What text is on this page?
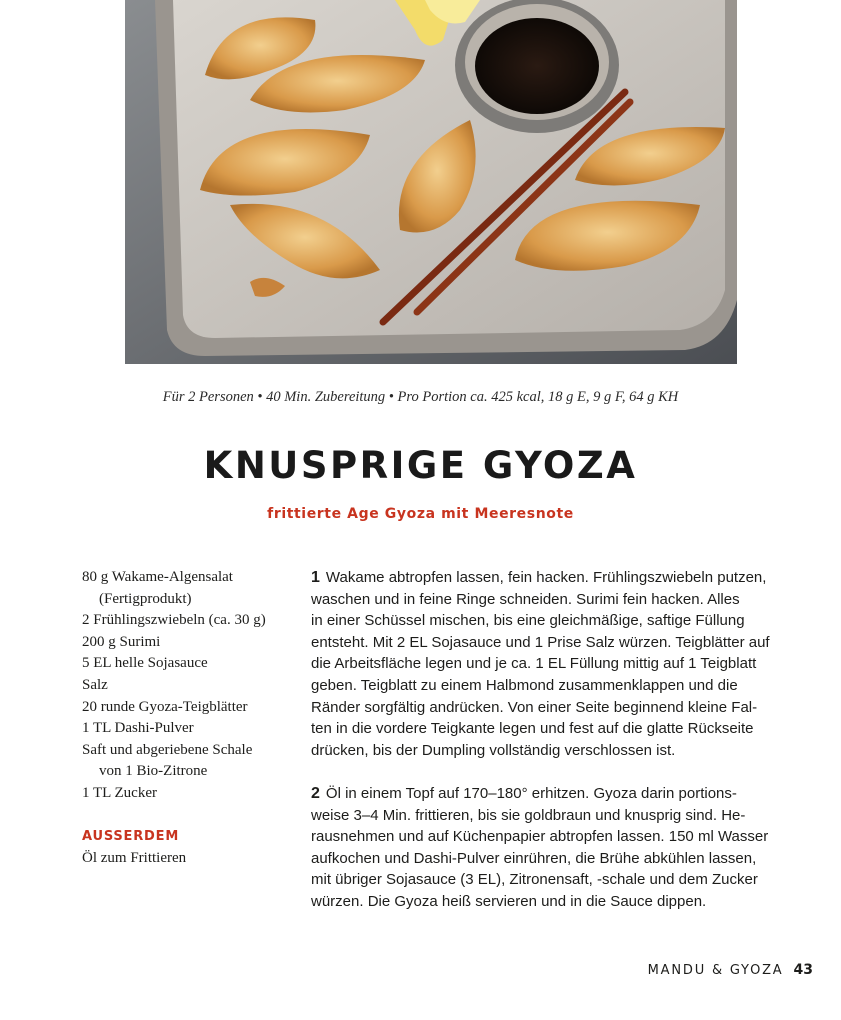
Für 2 Personen • 40 Min. Zubereitung • Pro Portion ca. 425 kcal, 18 g E, 9 g F, 64 g KH
KNUSPRIGE GYOZA
frittierte Age Gyoza mit Meeresnote
80 g Wakame-Algensalat
(Fertigprodukt)
2 Frühlingszwiebeln (ca. 30 g)
200 g Surimi
5 EL helle Sojasauce
Salz
20 runde Gyoza-Teigblätter
1 TL Dashi-Pulver
Saft und abgeriebene Schale
von 1 Bio-Zitrone
1 TL Zucker
AUSSERDEM
Öl zum Frittieren
1 Wakame abtropfen lassen, fein hacken. Frühlingszwiebeln putzen,
waschen und in feine Ringe schneiden. Surimi fein hacken. Alles
in einer Schüssel mischen, bis eine gleichmäßige, saftige Füllung
entsteht. Mit 2 EL Sojasauce und 1 Prise Salz würzen. Teigblätter auf
die Arbeitsfläche legen und je ca. 1 EL Füllung mittig auf 1 Teigblatt
geben. Teigblatt zu einem Halbmond zusammenklappen und die
Ränder sorgfältig andrücken. Von einer Seite beginnend kleine Fal-
ten in die vordere Teigkante legen und fest auf die glatte Rückseite
drücken, bis der Dumpling vollständig verschlossen ist.
2 Öl in einem Topf auf 170–180° erhitzen. Gyoza darin portions-
weise 3–4 Min. frittieren, bis sie goldbraun und knusprig sind. He-
rausnehmen und auf Küchenpapier abtropfen lassen. 150 ml Wasser
aufkochen und Dashi-Pulver einrühren, die Brühe abkühlen lassen,
mit übriger Sojasauce (3 EL), Zitronensaft, -schale und dem Zucker
würzen. Die Gyoza heiß servieren und in die Sauce dippen.
MANDU & GYOZA 43
